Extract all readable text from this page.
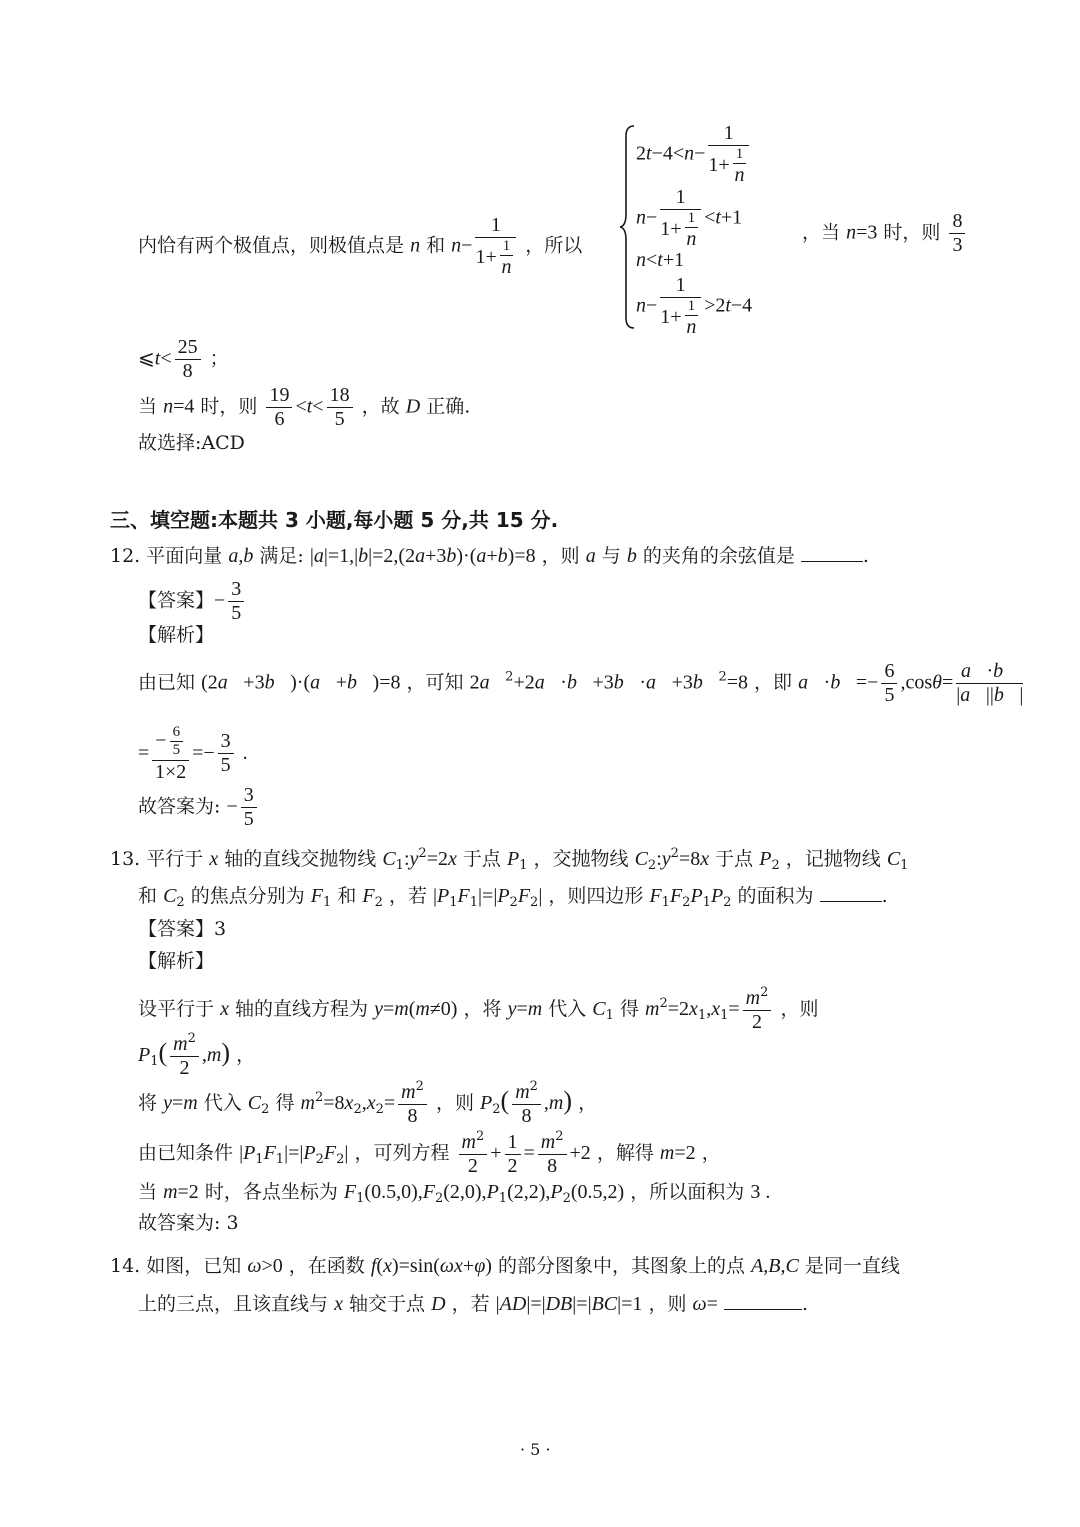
内恰有两个极值点，则极值点是 n 和 $n- \frac{1}{1+ \frac{1}{n}}$ ，所以
$2t-4<n- \frac{1}{1+ \frac{1}{n}}$
$n- \frac{1}{1+ \frac{1}{n}} <t+1$
n<t+1
$n- \frac{1}{1+ \frac{1}{n}} >2t-4$
，当 n=3 时，则 $\frac{8}{3}$
⩽t< $\frac{25}{8}$ ；
当 n=4 时，则 $\frac{19}{6} <t< \frac{18}{5}$ ，故 D 正确.
故选择:ACD
三、填空题:本题共 3 小题,每小题 5 分,共 15 分.
12. 平面向量 a,b 满足: |a|=1,|b|=2,(2a+3b)·(a+b)=8 ，则 a 与 b 的夹角的余弦值是	.
【答案】− $\frac{3}{5}$
【解析】
由已知 (2a⃗+3b⃗)·(a⃗+b⃗)=8 ，可知 2a⃗$^2$+2a⃗·b⃗+3b⃗·a⃗+3b⃗$^2$=8 ，即 a⃗·b⃗=− $\frac{6}{5} ,\cos\theta= \frac{a⃗\cdot b⃗}{|a⃗||b⃗|}$
= $\frac{- \frac{6}{5}}{1\times 2} =- \frac{3}{5}$ .
故答案为: − $\frac{3}{5}$
13. 平行于 x 轴的直线交抛物线 $C_1:y^2=2x$ 于点 $P_1$ ，交抛物线 $C_2:y^2=8x$ 于点 $P_2$ ，记抛物线 $C_1$
和 $C_2$ 的焦点分别为 $F_1$ 和 $F_2$ ，若 $|P_1F_1|=|P_2F_2|$ ，则四边形 $F_1F_2P_1P_2$ 的面积为	.
【答案】3
【解析】
设平行于 x 轴的直线方程为 y=m(m≠0) ，将 y=m 代入 $C_1$ 得 $m^2=2x_1,x_1= \frac{m^2}{2}$ ，则
$P_1( \frac{m^2}{2} ,m)$ ，
将 y=m 代入 $C_2$ 得 $m^2=8x_2,x_2= \frac{m^2}{8}$ ，则 $P_2( \frac{m^2}{8} ,m)$ ，
由已知条件 $|P_1F_1|=|P_2F_2|$ ，可列方程 $\frac{m^2}{2} + \frac{1}{2} = \frac{m^2}{8} +2$ ，解得 m=2 ，
当 m=2 时，各点坐标为 $F_1(0.5,0),F_2(2,0),P_1(2,2),P_2(0.5,2)$ ，所以面积为 3 .
故答案为: 3
14. 如图，已知 ω>0 ，在函数 f(x)=sin(ωx+φ) 的部分图象中，其图象上的点 A,B,C 是同一直线
上的三点，且该直线与 x 轴交于点 D ，若 |AD|=|DB|=|BC|=1 ，则 ω=	.
· 5 ·
